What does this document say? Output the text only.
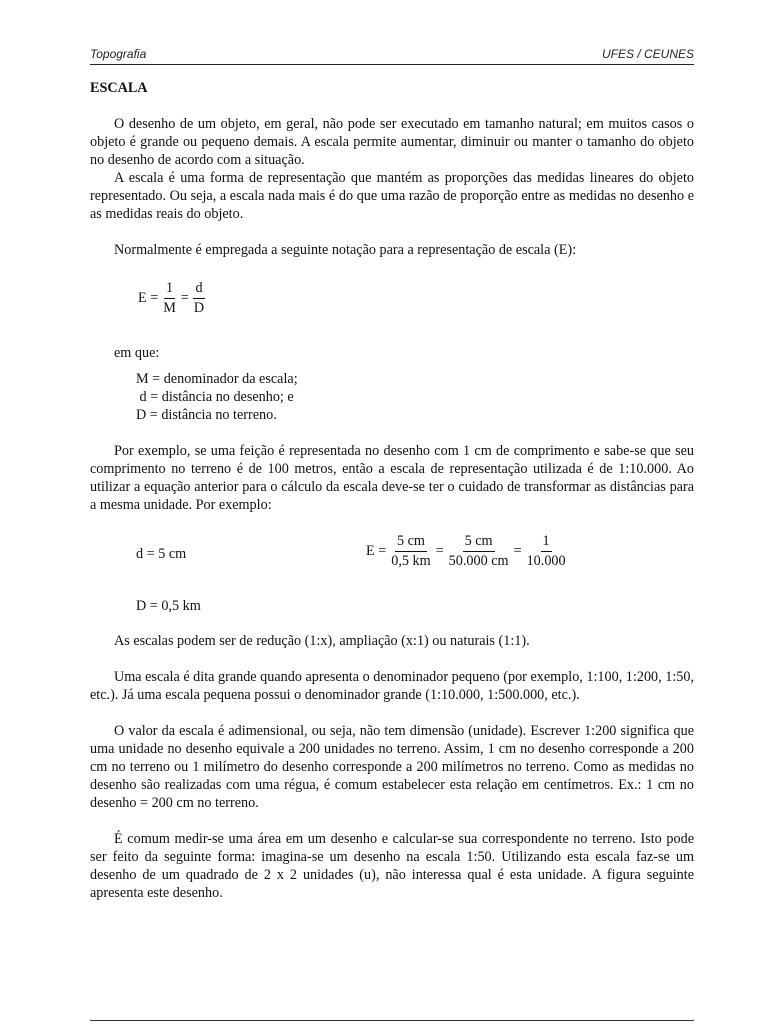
Topografia	UFES / CEUNES
ESCALA

O desenho de um objeto, em geral, não pode ser executado em tamanho natural; em muitos casos o objeto é grande ou pequeno demais. A escala permite aumentar, diminuir ou manter o tamanho do objeto no desenho de acordo com a situação.

A escala é uma forma de representação que mantém as proporções das medidas lineares do objeto representado. Ou seja, a escala nada mais é do que uma razão de proporção entre as medidas no desenho e as medidas reais do objeto.

Normalmente é empregada a seguinte notação para a representação de escala (E):

$E = \frac{1}{M} = \frac{d}{D}$
em que:
M = denominador da escala;
d = distância no desenho; e
D = distância no terreno.

Por exemplo, se uma feição é representada no desenho com 1 cm de comprimento e sabe-se que seu comprimento no terreno é de 100 metros, então a escala de representação utilizada é de 1:10.000. Ao utilizar a equação anterior para o cálculo da escala deve-se ter o cuidado de transformar as distâncias para a mesma unidade. Por exemplo:

d = 5 cm	$E = \frac{5 cm}{0,5 km} = \frac{5 cm}{50.000 cm} = \frac{1}{10.000}$
D = 0,5 km

As escalas podem ser de redução (1:x), ampliação (x:1) ou naturais (1:1).

Uma escala é dita grande quando apresenta o denominador pequeno (por exemplo, 1:100, 1:200, 1:50, etc.). Já uma escala pequena possui o denominador grande (1:10.000, 1:500.000, etc.).

O valor da escala é adimensional, ou seja, não tem dimensão (unidade). Escrever 1:200 significa que uma unidade no desenho equivale a 200 unidades no terreno. Assim, 1 cm no desenho corresponde a 200 cm no terreno ou 1 milímetro do desenho corresponde a 200 milímetros no terreno. Como as medidas no desenho são realizadas com uma régua, é comum estabelecer esta relação em centímetros. Ex.: 1 cm no desenho = 200 cm no terreno.

É comum medir-se uma área em um desenho e calcular-se sua correspondente no terreno. Isto pode ser feito da seguinte forma: imagina-se um desenho na escala 1:50. Utilizando esta escala faz-se um desenho de um quadrado de 2 x 2 unidades (u), não interessa qual é esta unidade. A figura seguinte apresenta este desenho.
